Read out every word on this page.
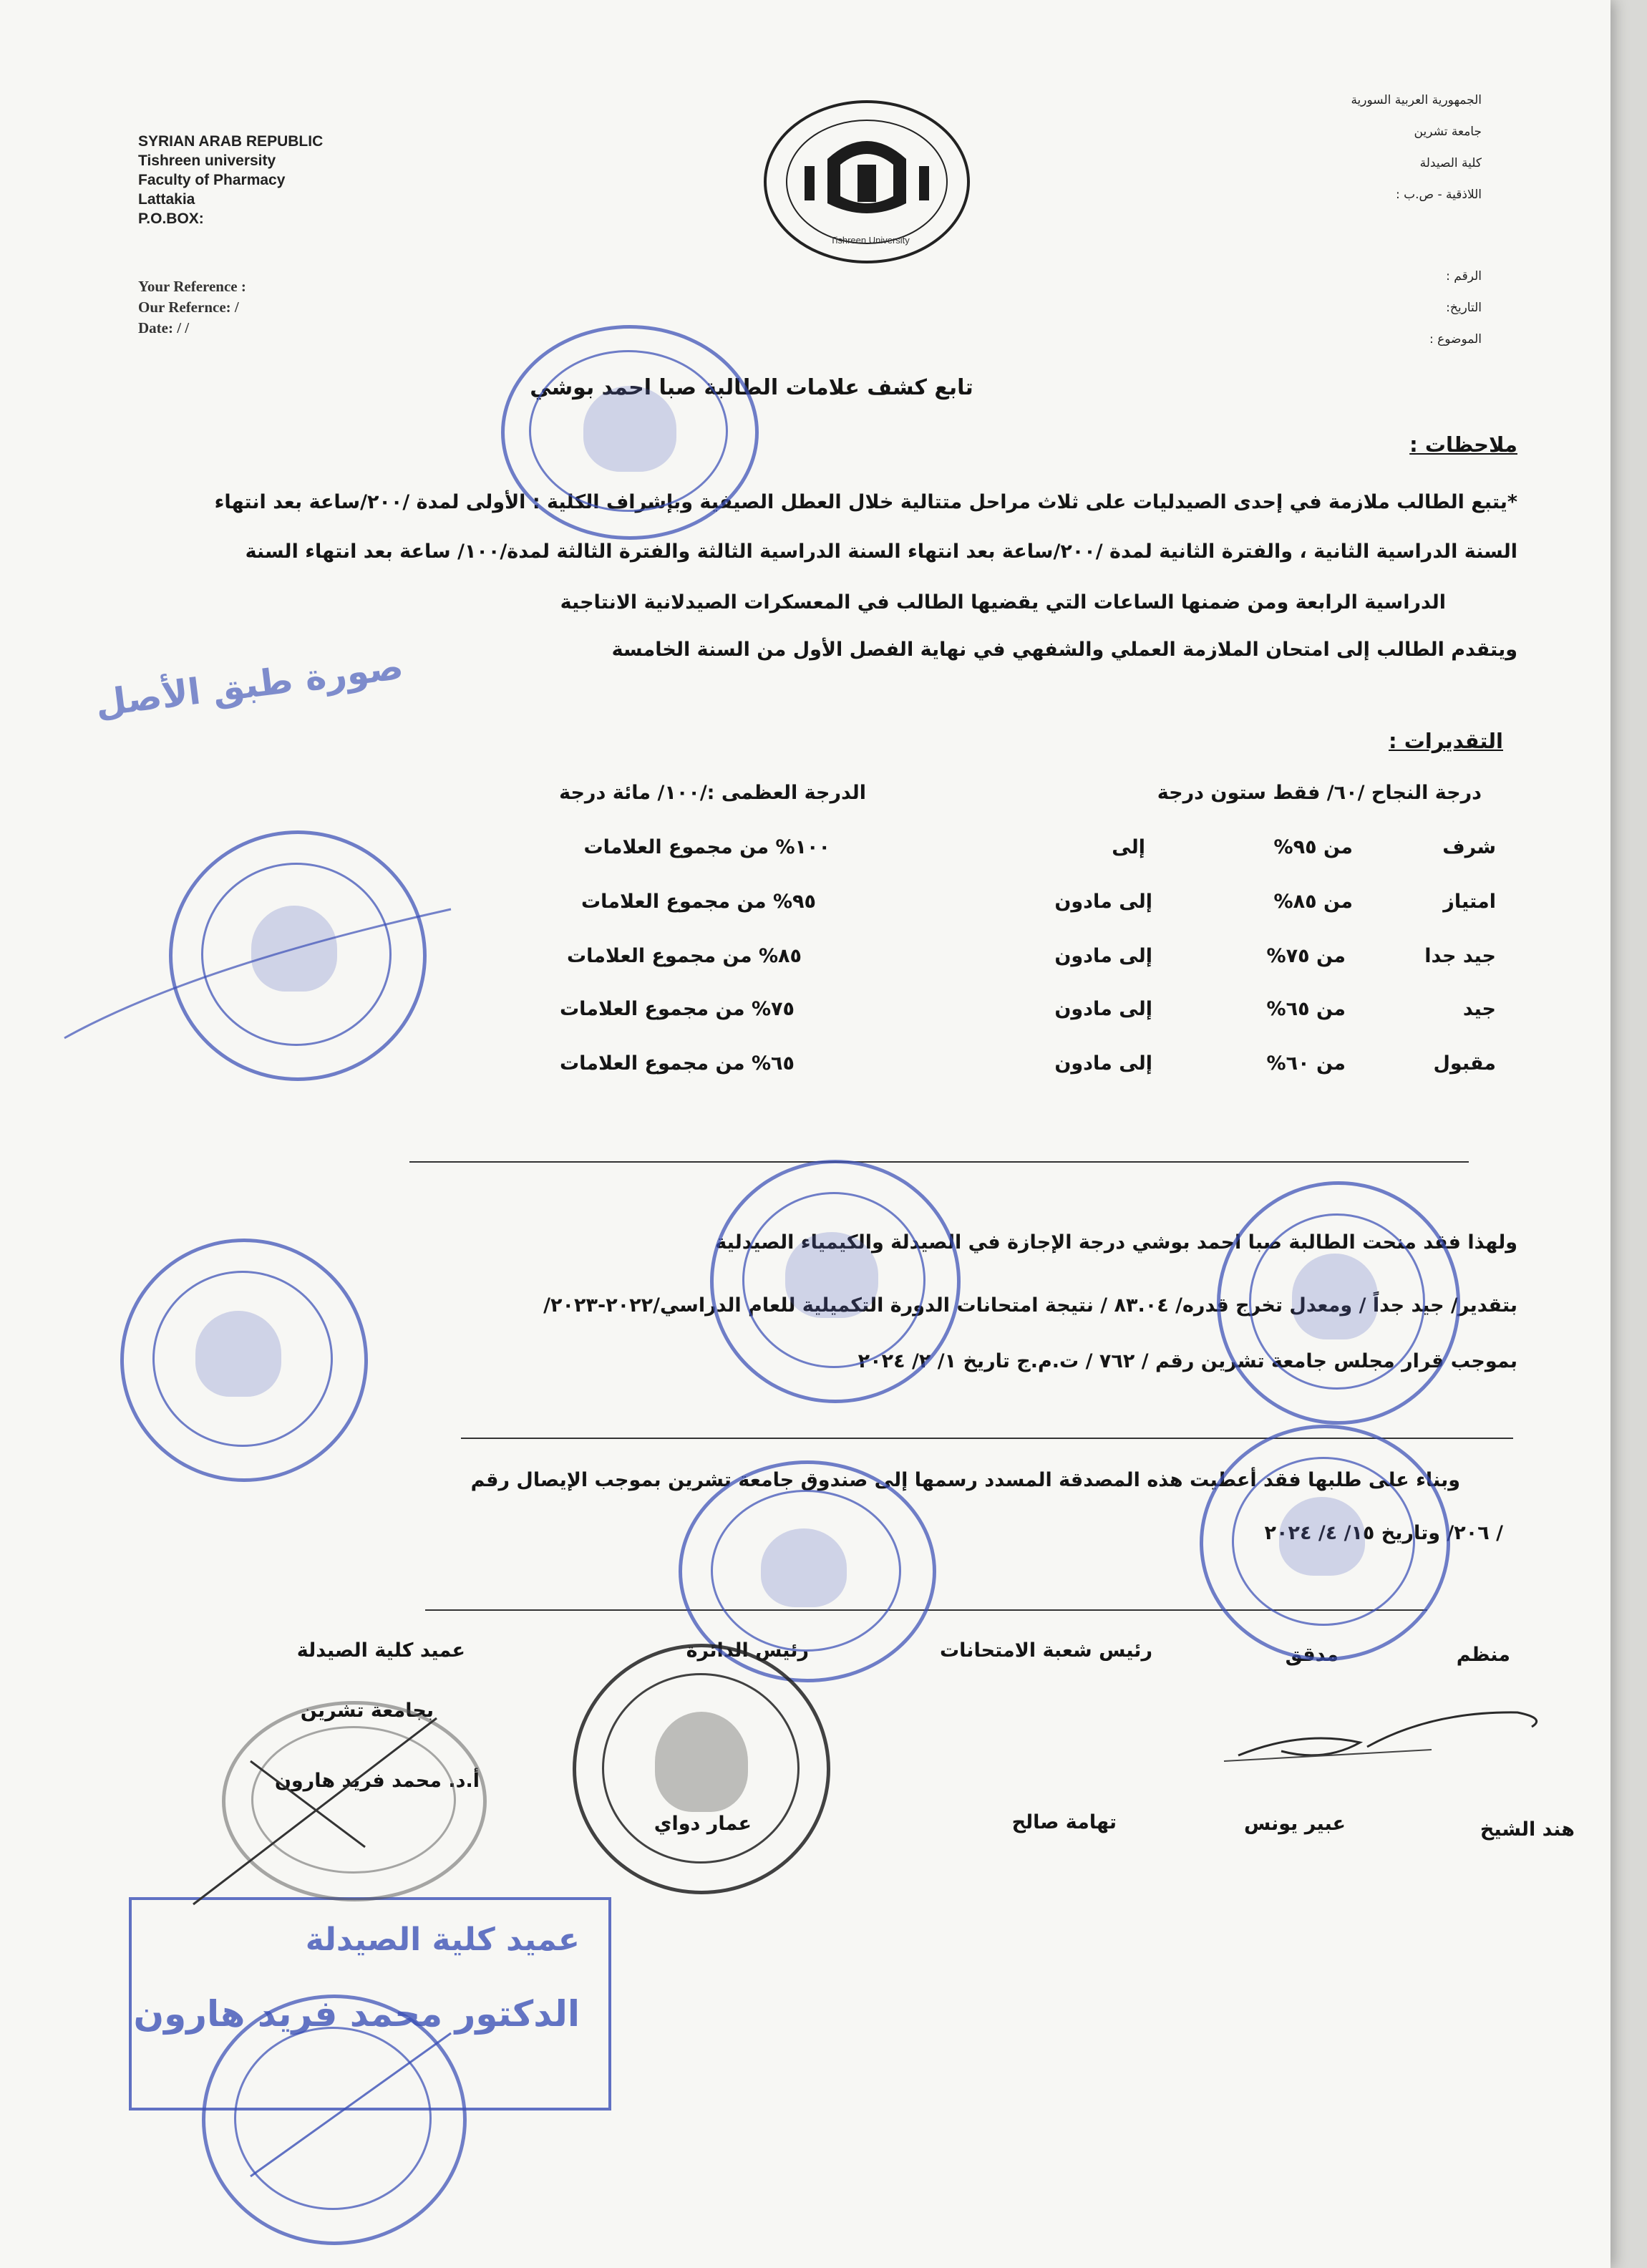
SYRIAN ARAB REPUBLIC
Tishreen university
Faculty of Pharmacy
Lattakia
P.O.BOX:
Your Reference :
Our Refernce: /
Date: / /
الجمهورية العربية السورية
جامعة تشرين
كلية الصيدلة
اللاذقية - ص.ب :
الرقم :
التاريخ:
الموضوع :
Tishreen University
تابع كشف علامات الطالبة صبا احمد بوشي
ملاحظات :
*يتبع الطالب ملازمة في إحدى الصيدليات على ثلاث مراحل متتالية خلال العطل الصيفية وبإشراف الكلية : الأولى لمدة /٢٠٠/ساعة بعد انتهاء
السنة الدراسية الثانية ، والفترة الثانية لمدة /٢٠٠/ساعة بعد انتهاء السنة الدراسية الثالثة والفترة الثالثة لمدة/١٠٠/ ساعة بعد انتهاء السنة
الدراسية الرابعة ومن ضمنها الساعات التي يقضيها الطالب في المعسكرات الصيدلانية الانتاجية
ويتقدم الطالب إلى امتحان الملازمة العملي والشفهي في نهاية الفصل الأول من السنة الخامسة
صورة طبق الأصل
التقديرات :
درجة النجاح /٦٠/ فقط ستون درجة
الدرجة العظمى :/١٠٠/ مائة درجة
شرف
من ٩٥%
إلى
١٠٠% من مجموع العلامات
امتياز
من ٨٥%
إلى مادون
٩٥% من مجموع العلامات
جيد جدا
من ٧٥%
إلى مادون
٨٥% من مجموع العلامات
جيد
من ٦٥%
إلى مادون
٧٥% من مجموع العلامات
مقبول
من ٦٠%
إلى مادون
٦٥% من مجموع العلامات
ولهذا فقد منحت الطالبة صبا احمد بوشي درجة الإجازة في الصيدلة والكيمياء الصيدلية
بتقدير/ جيد جداً / ومعدل تخرج قدره/ ٨٣.٠٤ / نتيجة امتحانات الدورة التكميلية للعام الدراسي/٢٠٢٢-٢٠٢٣/
بموجب قرار مجلس جامعة تشرين رقم / ٧٦٢ / ت.م.ج تاريخ ١/ ٢/ ٢٠٢٤
وبناء على طلبها فقد أعطيت هذه المصدقة المسدد رسمها إلى صندوق جامعة تشرين بموجب الإيصال رقم
/ ٢٠٦/ وتاريخ ١٥/ ٤/ ٢٠٢٤
منظم
مدقق
رئيس شعبة الامتحانات
رئيس الدائرة
عميد كلية الصيدلة
بجامعة تشرين
هند الشيخ
عبير يونس
تهامة صالح
عمار دواي
أ.د. محمد فريد هارون
عميد كلية الصيدلة
الدكتور محمد فريد هارون
